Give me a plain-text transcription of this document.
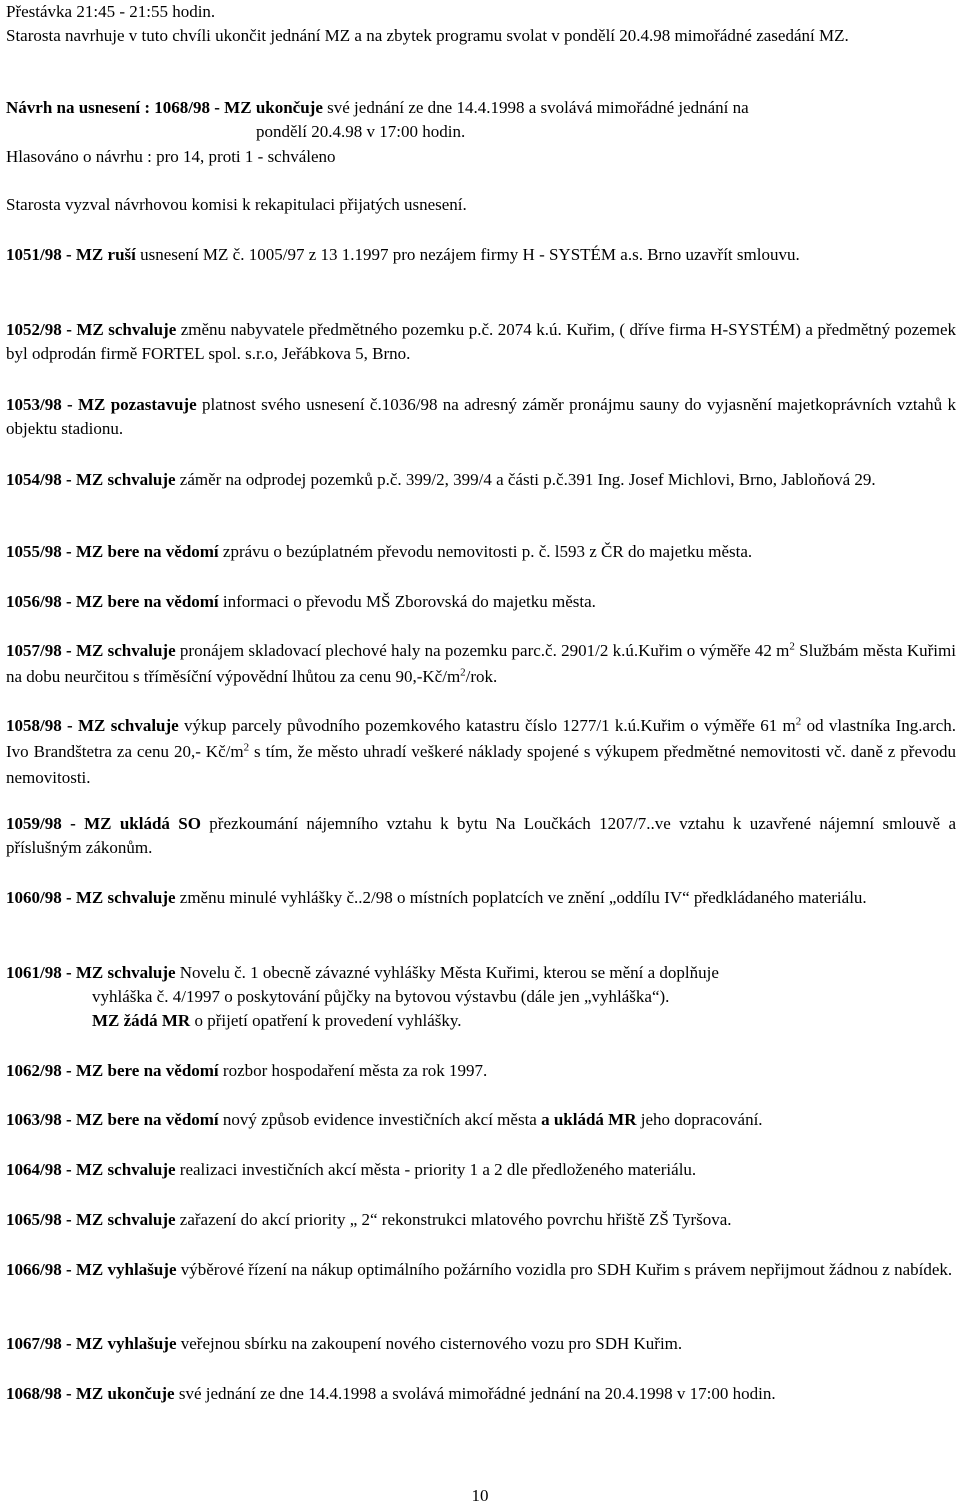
Přestávka 21:45 - 21:55 hodin.

Starosta navrhuje v tuto chvíli ukončit jednání MZ a na zbytek programu svolat v pondělí 20.4.98 mimořádné zasedání MZ.

Návrh na usnesení : 1068/98 - MZ ukončuje své jednání ze dne 14.4.1998 a svolává mimořádné jednání na

pondělí 20.4.98 v 17:00 hodin.

Hlasováno o návrhu : pro 14, proti 1 - schváleno

Starosta vyzval návrhovou komisi k rekapitulaci přijatých usnesení.

1051/98 - MZ ruší usnesení MZ č. 1005/97 z 13 1.1997 pro nezájem firmy H - SYSTÉM a.s. Brno uzavřít smlouvu.

1052/98 - MZ schvaluje změnu nabyvatele předmětného pozemku p.č. 2074 k.ú. Kuřim, ( dříve firma H-SYSTÉM) a předmětný pozemek byl odprodán firmě FORTEL spol. s.r.o, Jeřábkova 5, Brno.

1053/98 - MZ pozastavuje platnost svého usnesení č.1036/98 na adresný záměr pronájmu sauny do vyjasnění majetkoprávních vztahů k objektu stadionu.

1054/98 - MZ schvaluje záměr na odprodej pozemků p.č. 399/2, 399/4 a části p.č.391 Ing. Josef Michlovi, Brno, Jabloňová 29.

1055/98 - MZ bere na vědomí zprávu o bezúplatném převodu nemovitosti p. č. l593 z ČR do majetku města.

1056/98 - MZ bere na vědomí informaci o převodu MŠ Zborovská do majetku města.

1057/98 - MZ schvaluje pronájem skladovací plechové haly na pozemku parc.č. 2901/2 k.ú.Kuřim o výměře 42 $m^2$ Službám města Kuřimi na dobu neurčitou s tříměsíční výpovědní lhůtou za cenu $90,-Kč/m^2$/rok.

1058/98 - MZ schvaluje výkup parcely původního pozemkového katastru číslo 1277/1 k.ú.Kuřim o výměře 61 $m^2$ od vlastníka Ing.arch. Ivo Brandštetra za cenu 20,- $Kč/m^2$ s tím, že město uhradí veškeré náklady spojené s výkupem předmětné nemovitosti vč. daně z převodu nemovitosti.

1059/98 - MZ ukládá SO přezkoumání nájemního vztahu k bytu Na Loučkách 1207/7..ve vztahu k uzavřené nájemní smlouvě a příslušným zákonům.

1060/98 - MZ schvaluje změnu minulé vyhlášky č..2/98 o místních poplatcích ve znění „oddílu IV“ předkládaného materiálu.

1061/98 - MZ schvaluje Novelu č. 1 obecně závazné vyhlášky Města Kuřimi, kterou se mění a doplňuje

vyhláška č. 4/1997 o poskytování půjčky na bytovou výstavbu (dále jen „vyhláška“).

MZ žádá MR o přijetí opatření k provedení vyhlášky.

1062/98 - MZ bere na vědomí rozbor hospodaření města za rok 1997.

1063/98 - MZ bere na vědomí nový způsob evidence investičních akcí města a ukládá MR jeho dopracování.

1064/98 - MZ schvaluje realizaci investičních akcí města - priority 1 a 2 dle předloženého materiálu.

1065/98 - MZ schvaluje zařazení do akcí priority „ 2“ rekonstrukci mlatového povrchu hřiště ZŠ Tyršova.

1066/98 - MZ vyhlašuje výběrové řízení na nákup optimálního požárního vozidla pro SDH Kuřim s právem nepřijmout žádnou z nabídek.

1067/98 - MZ vyhlašuje veřejnou sbírku na zakoupení nového cisternového vozu pro SDH Kuřim.

1068/98 - MZ ukončuje své jednání ze dne 14.4.1998 a svolává mimořádné jednání na 20.4.1998 v 17:00 hodin.

10
